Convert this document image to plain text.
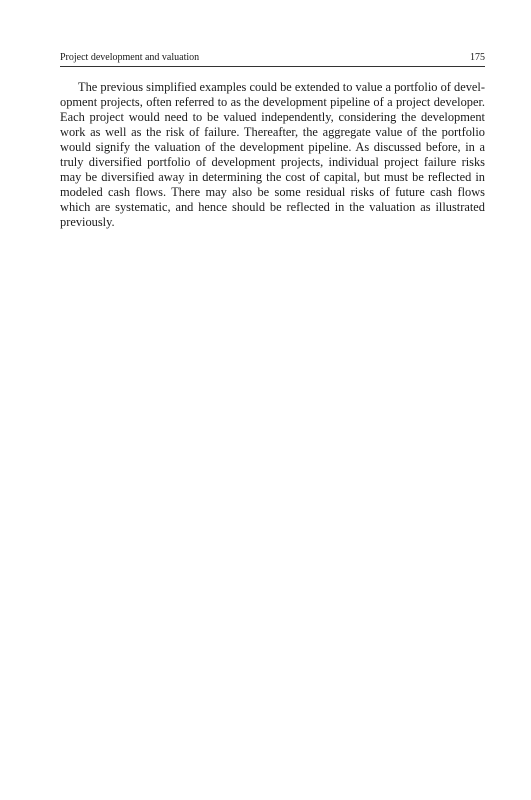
Project development and valuation	175

The previous simplified examples could be extended to value a portfolio of development projects, often referred to as the development pipeline of a project developer. Each project would need to be valued independently, considering the development work as well as the risk of failure. Thereafter, the aggregate value of the portfolio would signify the valuation of the development pipeline. As discussed before, in a truly diversified portfolio of development projects, individual project failure risks may be diversified away in determining the cost of capital, but must be reflected in modeled cash flows. There may also be some residual risks of future cash flows which are systematic, and hence should be reflected in the valuation as illustrated previously.
